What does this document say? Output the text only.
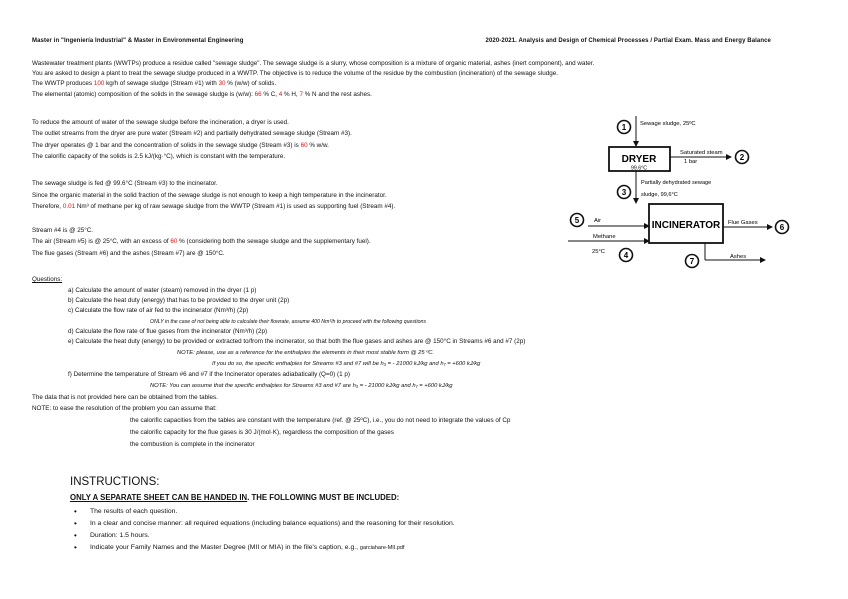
Master in "Ingeniería Industrial" & Master in Environmental Engineering	2020-2021. Analysis and Design of Chemical Processes / Partial Exam. Mass and Energy Balance
Wastewater treatment plants (WWTPs) produce a residue called "sewage sludge". The sewage sludge is a slurry, whose composition is a mixture of organic material, ashes (inert component), and water.
You are asked to design a plant to treat the sewage sludge produced in a WWTP. The objective is to reduce the volume of the residue by the combustion (incineration) of the sewage sludge.
The WWTP produces 100 kg/h of sewage sludge (Stream #1) with 30 % (w/w) of solids.
The elemental (atomic) composition of the solids in the sewage sludge is (w/w): 66 % C, 4 % H, 7 % N and the rest ashes.
To reduce the amount of water of the sewage sludge before the incineration, a dryer is used.
The outlet streams from the dryer are pure water (Stream #2) and partially dehydrated sewage sludge (Stream #3).
The dryer operates @ 1 bar and the concentration of solids in the sewage sludge (Stream #3) is 60 % w/w.
The calorific capacity of the solids is 2.5 kJ/(kg·°C), which is constant with the temperature.
The sewage sludge is fed @ 99.6°C (Stream #3) to the incinerator.
Since the organic material in the solid fraction of the sewage sludge is not enough to keep a high temperature in the incinerator.
Therefore, 0.01 Nm³ of methane per kg of raw sewage sludge from the WWTP (Stream #1) is used as supporting fuel (Stream #4).
Stream #4 is @ 25°C.
The air (Stream #5) is @ 25°C, with an excess of 60 % (considering both the sewage sludge and the supplementary fuel).
The flue gases (Stream #6) and the ashes (Stream #7) are @ 150°C.
Questions:
a) Calculate the amount of water (steam) removed in the dryer (1 p)
b) Calculate the heat duty (energy) that has to be provided to the dryer unit (2p)
c) Calculate the flow rate of air fed to the incinerator (Nm³/h) (2p)
ONLY in the case of not being able to calculate their flowrate, assume 400 Nm³/h to proceed with the following questions
d) Calculate the flow rate of flue gases from the incinerator (Nm³/h) (2p)
e) Calculate the heat duty (energy) to be provided or extracted to/from the incinerator, so that both the flue gases and ashes are @ 150°C in Streams #6 and #7 (2p)
NOTE: please, use as a reference for the enthalpies the elements in their most stable form @ 25 ºC.
If you do so, the specific enthalpies for Streams #3 and #7 will be h₃ = - 21000 kJ/kg and h₇ = +600 kJ/kg
f) Determine the temperature of Stream #6 and #7 if the Incinerator operates adiabatically (Q=0) (1 p)
NOTE: You can assume that the specific enthalpies for Streams #3 and #7 are h₃ = - 21000 kJ/kg and h₇ = +600 kJ/kg
The data that is not provided here can be obtained from the tables.
NOTE: to ease the resolution of the problem you can assume that:
the calorific capacities from the tables are constant with the temperature (ref. @ 25ºC), i.e., you do not need to integrate the values of Cp
the calorific capacity for the flue gases is 30 J/(mol·K), regardless the composition of the gases
the combustion is complete in the incinerator
INSTRUCTIONS:
ONLY A SEPARATE SHEET CAN BE HANDED IN. THE FOLLOWING MUST BE INCLUDED:
• The results of each question.
• In a clear and concise manner: all required equations (including balance equations) and the reasoning for their resolution.
• Duration: 1.5 hours.
• Indicate your Family Names and the Master Degree (MII or MIA) in the file's caption, e.g., garciahare-MII.pdf
1 Sewage sludge, 25ºC
DRYER
99.6°C
Saturated steam
1 bar	2
3
Partially dehydrated sewage
sludge, 99,6°C
INCINERATOR
5	Air
Methane
25°C 4
Flue Gases	6
Ashes
7
